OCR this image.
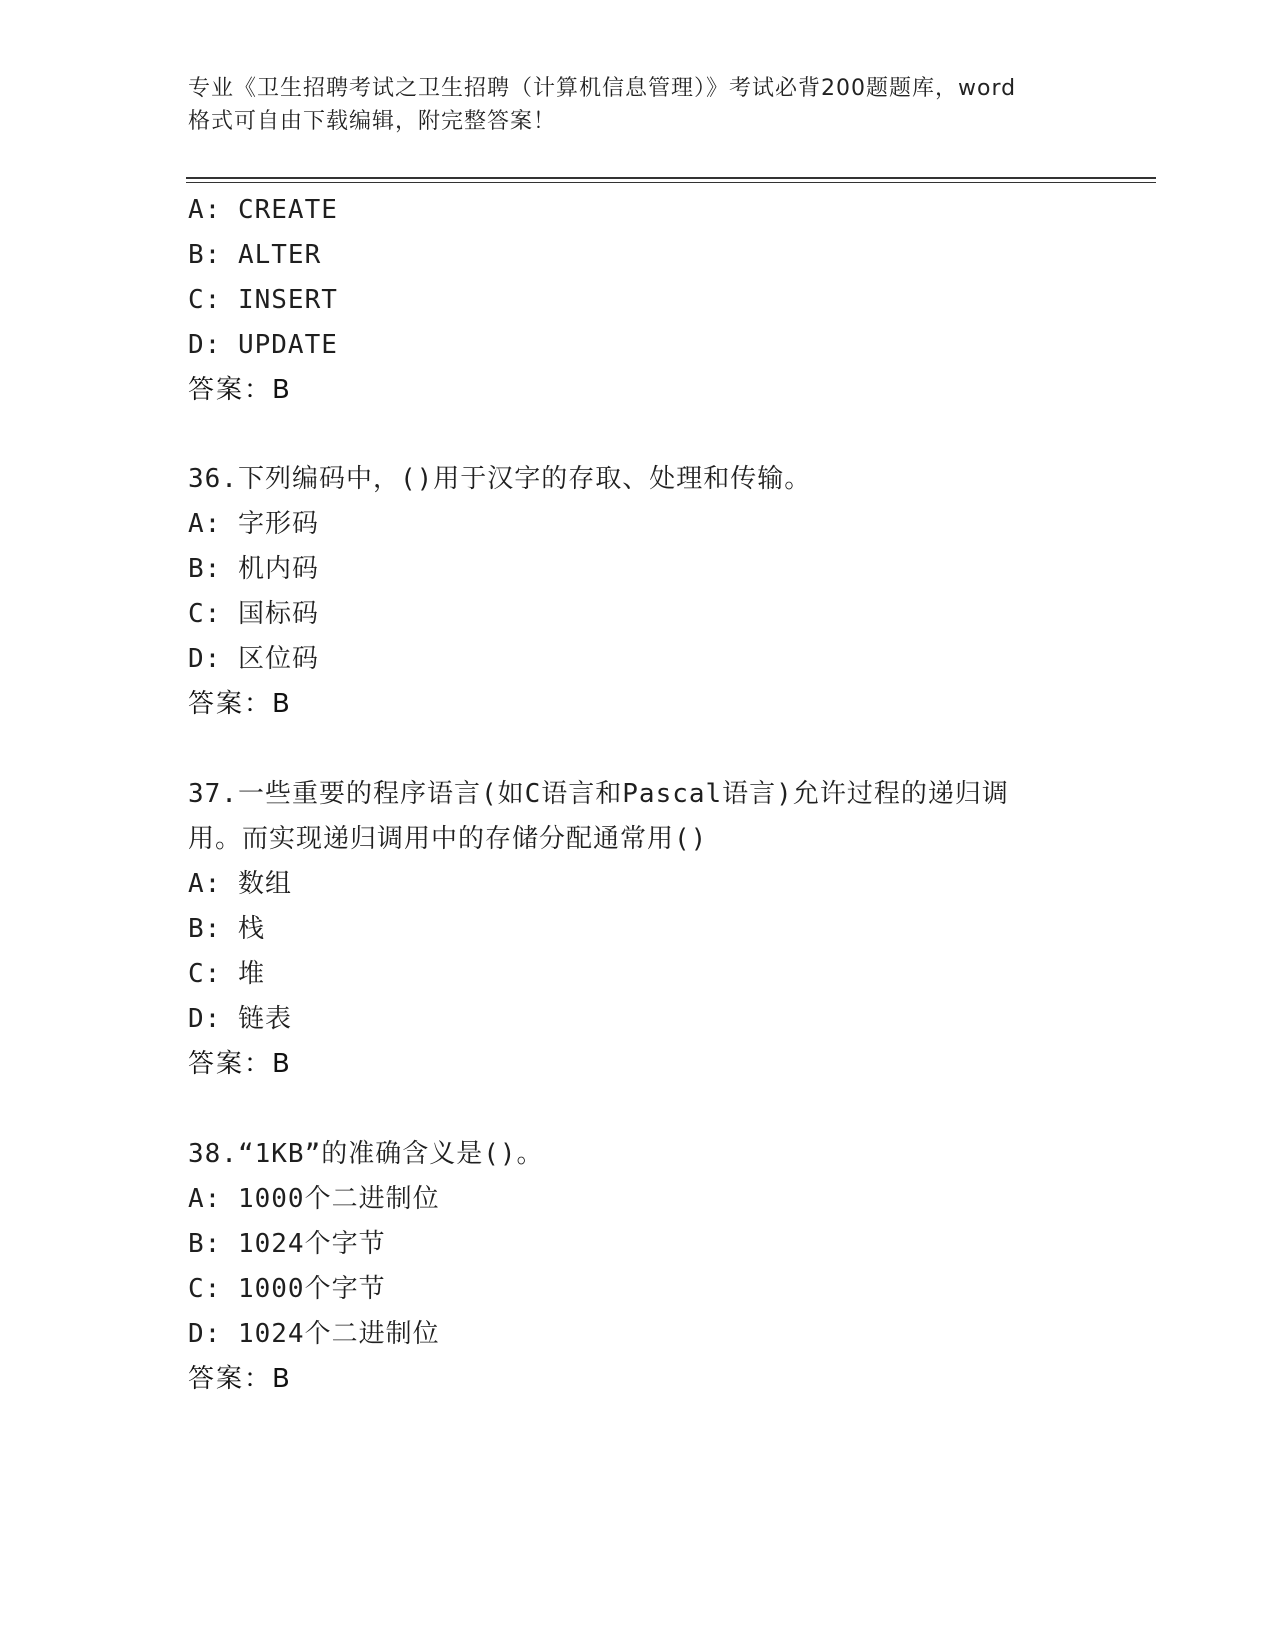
专业《卫生招聘考试之卫生招聘（计算机信息管理）》考试必背200题题库，word
格式可自由下载编辑，附完整答案！
A: CREATE
B: ALTER
C: INSERT
D: UPDATE
答案：B
36.下列编码中，()用于汉字的存取、处理和传输。
A: 字形码
B: 机内码
C: 国标码
D: 区位码
答案：B
37.一些重要的程序语言(如C语言和Pascal语言)允许过程的递归调
用。而实现递归调用中的存储分配通常用()
A: 数组
B: 栈
C: 堆
D: 链表
答案：B
38.“1KB”的准确含义是()。
A: 1000个二进制位
B: 1024个字节
C: 1000个字节
D: 1024个二进制位
答案：B
